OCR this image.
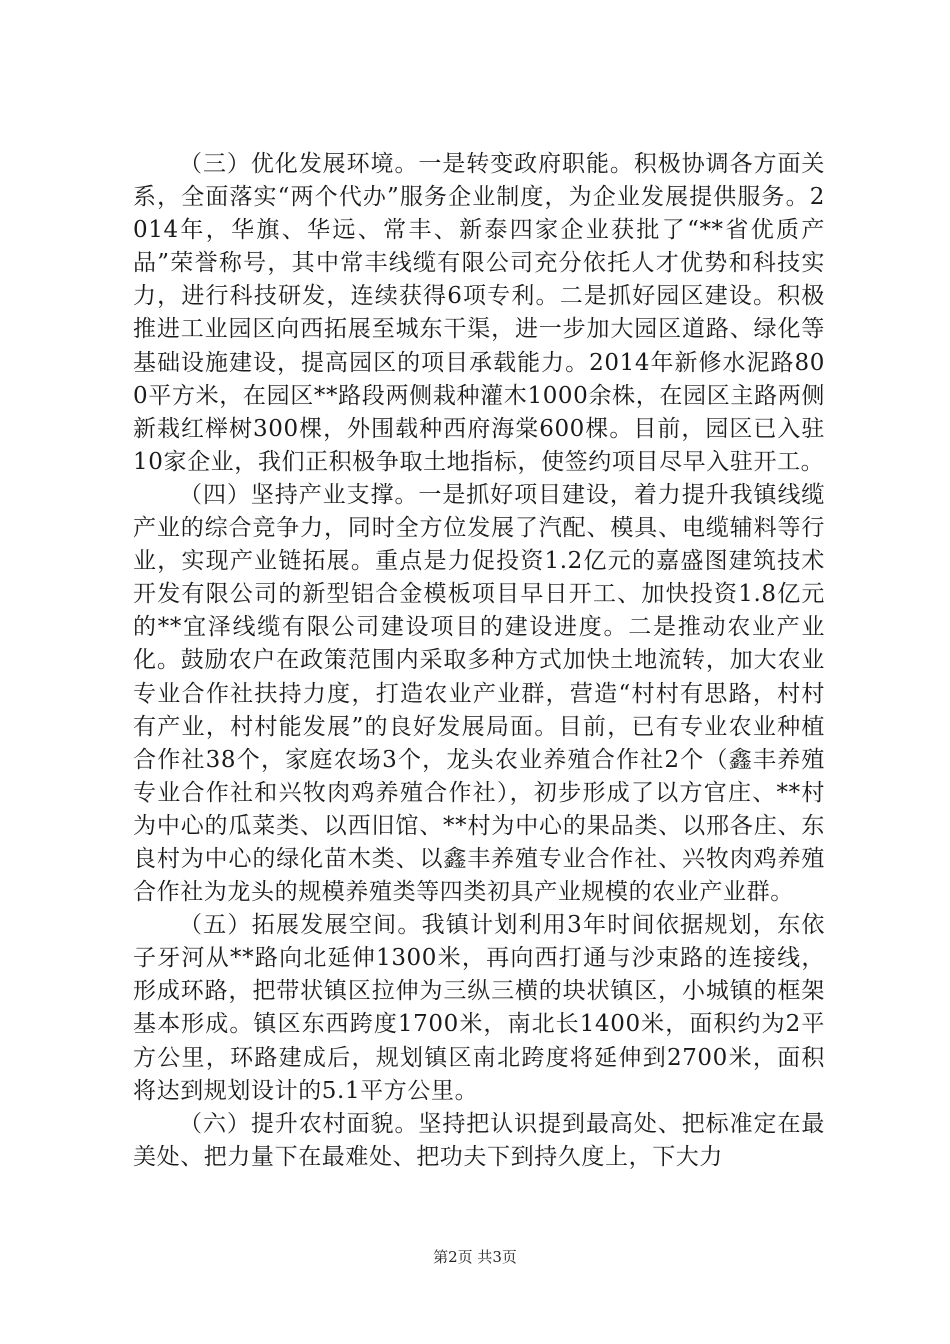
（三）优化发展环境。一是转变政府职能。积极协调各方面关系，全面落实“两个代办”服务企业制度，为企业发展提供服务。2014年，华旗、华远、常丰、新泰四家企业获批了“**省优质产品”荣誉称号，其中常丰线缆有限公司充分依托人才优势和科技实力，进行科技研发，连续获得6项专利。二是抓好园区建设。积极推进工业园区向西拓展至城东干渠，进一步加大园区道路、绿化等基础设施建设，提高园区的项目承载能力。2014年新修水泥路800平方米，在园区**路段两侧栽种灌木1000余株，在园区主路两侧新栽红榉树300棵，外围载种西府海棠600棵。目前，园区已入驻10家企业，我们正积极争取土地指标，使签约项目尽早入驻开工。

（四）坚持产业支撑。一是抓好项目建设，着力提升我镇线缆产业的综合竞争力，同时全方位发展了汽配、模具、电缆辅料等行业，实现产业链拓展。重点是力促投资1.2亿元的嘉盛图建筑技术开发有限公司的新型铝合金模板项目早日开工、加快投资1.8亿元的**宜泽线缆有限公司建设项目的建设进度。二是推动农业产业化。鼓励农户在政策范围内采取多种方式加快土地流转，加大农业专业合作社扶持力度，打造农业产业群，营造“村村有思路，村村有产业，村村能发展”的良好发展局面。目前，已有专业农业种植合作社38个，家庭农场3个，龙头农业养殖合作社2个（鑫丰养殖专业合作社和兴牧肉鸡养殖合作社），初步形成了以方官庄、**村为中心的瓜菜类、以西旧馆、**村为中心的果品类、以邢各庄、东良村为中心的绿化苗木类、以鑫丰养殖专业合作社、兴牧肉鸡养殖合作社为龙头的规模养殖类等四类初具产业规模的农业产业群。

（五）拓展发展空间。我镇计划利用3年时间依据规划，东依子牙河从**路向北延伸1300米，再向西打通与沙束路的连接线，形成环路，把带状镇区拉伸为三纵三横的块状镇区，小城镇的框架基本形成。镇区东西跨度1700米，南北长1400米，面积约为2平方公里，环路建成后，规划镇区南北跨度将延伸到2700米，面积将达到规划设计的5.1平方公里。

（六）提升农村面貌。坚持把认识提到最高处、把标准定在最美处、把力量下在最难处、把功夫下到持久度上，下大力

第2页 共3页
